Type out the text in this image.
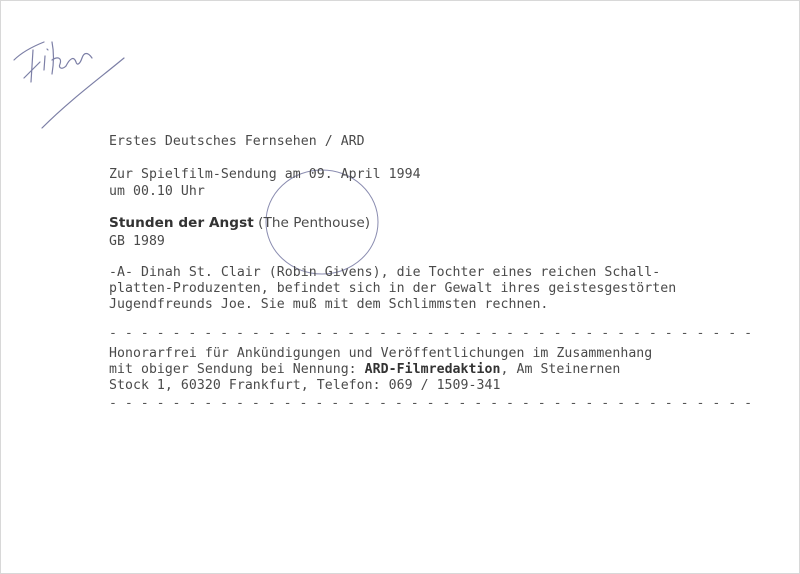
Erstes Deutsches Fernsehen / ARD
Zur Spielfilm-Sendung am 09. April 1994
um 00.10 Uhr
Stunden der Angst (The Penthouse)
GB 1989
-A- Dinah St. Clair (Robin Givens), die Tochter eines reichen Schall-
platten-Produzenten, befindet sich in der Gewalt ihres geistesgestörten
Jugendfreunds Joe. Sie muß mit dem Schlimmsten rechnen.
- - - - - - - - - - - - - - - - - - - - - - - - - - - - - - - - - - - - - - - - -
Honorarfrei für Ankündigungen und Veröffentlichungen im Zusammenhang
mit obiger Sendung bei Nennung: ARD-Filmredaktion, Am Steinernen
Stock 1, 60320 Frankfurt, Telefon: 069 / 1509-341
- - - - - - - - - - - - - - - - - - - - - - - - - - - - - - - - - - - - - - - - -
